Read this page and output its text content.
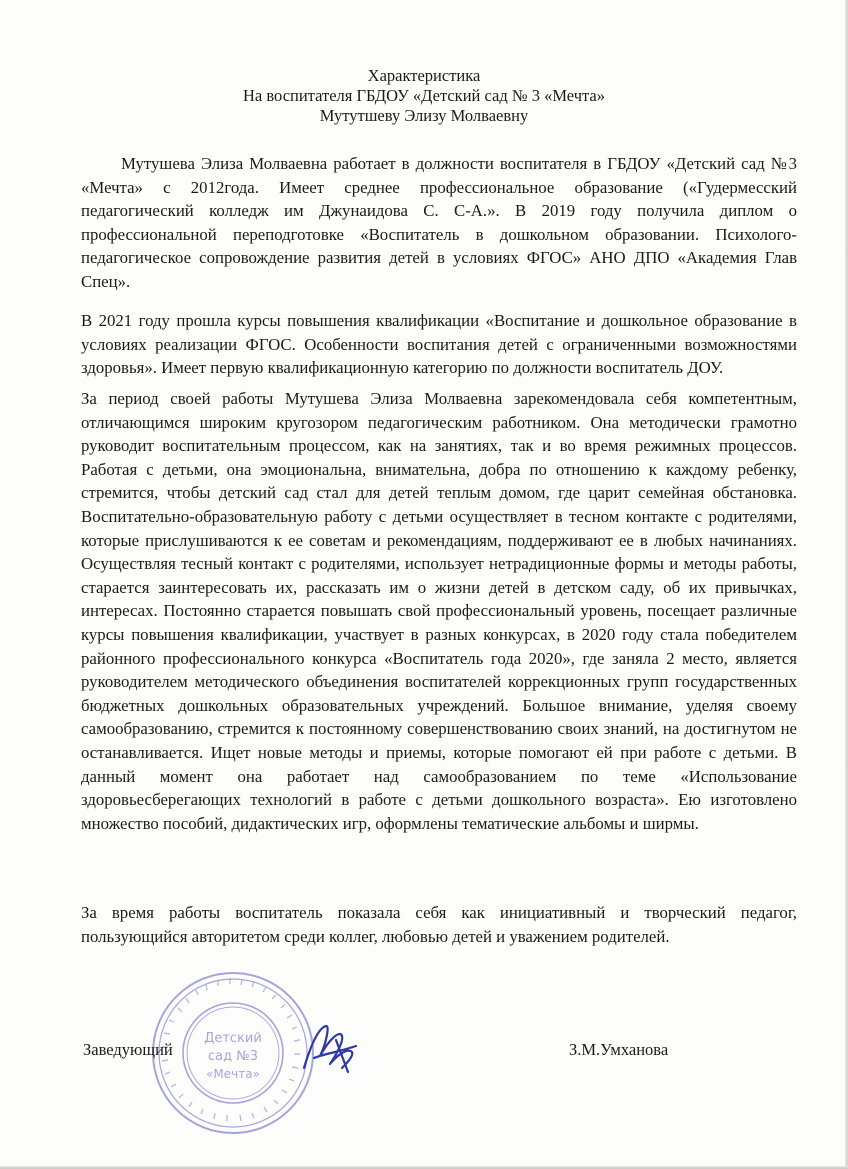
Характеристика
На воспитателя ГБДОУ «Детский сад № 3 «Мечта»
Мутутшеву Элизу Молваевну

Мутушева Элиза Молваевна работает в должности воспитателя в ГБДОУ «Детский сад №3 «Мечта» с 2012года. Имеет среднее профессиональное образование («Гудермесский педагогический колледж им Джунаидова С. С-А.». В 2019 году получила диплом о профессиональной переподготовке «Воспитатель в дошкольном образовании. Психолого-педагогическое сопровождение развития детей в условиях ФГОС» АНО ДПО «Академия Глав Спец».

В 2021 году прошла курсы повышения квалификации «Воспитание и дошкольное образование в условиях реализации ФГОС. Особенности воспитания детей с ограниченными возможностями здоровья». Имеет первую квалификационную категорию по должности воспитатель ДОУ.

За период своей работы Мутушева Элиза Молваевна зарекомендовала себя компетентным, отличающимся широким кругозором педагогическим работником. Она методически грамотно руководит воспитательным процессом, как на занятиях, так и во время режимных процессов. Работая с детьми, она эмоциональна, внимательна, добра по отношению к каждому ребенку, стремится, чтобы детский сад стал для детей теплым домом, где царит семейная обстановка. Воспитательно-образовательную работу с детьми осуществляет в тесном контакте с родителями, которые прислушиваются к ее советам и рекомендациям, поддерживают ее в любых начинаниях. Осуществляя тесный контакт с родителями, использует нетрадиционные формы и методы работы, старается заинтересовать их, рассказать им о жизни детей в детском саду, об их привычках, интересах. Постоянно старается повышать свой профессиональный уровень, посещает различные курсы повышения квалификации, участвует в разных конкурсах, в 2020 году стала победителем районного профессионального конкурса «Воспитатель года 2020», где заняла 2 место, является руководителем методического объединения воспитателей коррекционных групп государственных бюджетных дошкольных образовательных учреждений. Большое внимание, уделяя своему самообразованию, стремится к постоянному совершенствованию своих знаний, на достигнутом не останавливается. Ищет новые методы и приемы, которые помогают ей при работе с детьми. В данный момент она работает над самообразованием по теме «Использование здоровьесберегающих технологий в работе с детьми дошкольного возраста». Ею изготовлено множество пособий, дидактических игр, оформлены тематические альбомы и ширмы.

За время работы воспитатель показала себя как инициативный и творческий педагог, пользующийся авторитетом среди коллег, любовью детей и уважением родителей.

Детский
сад №3
«Мечта»
Заведующий	З.М.Умханова
